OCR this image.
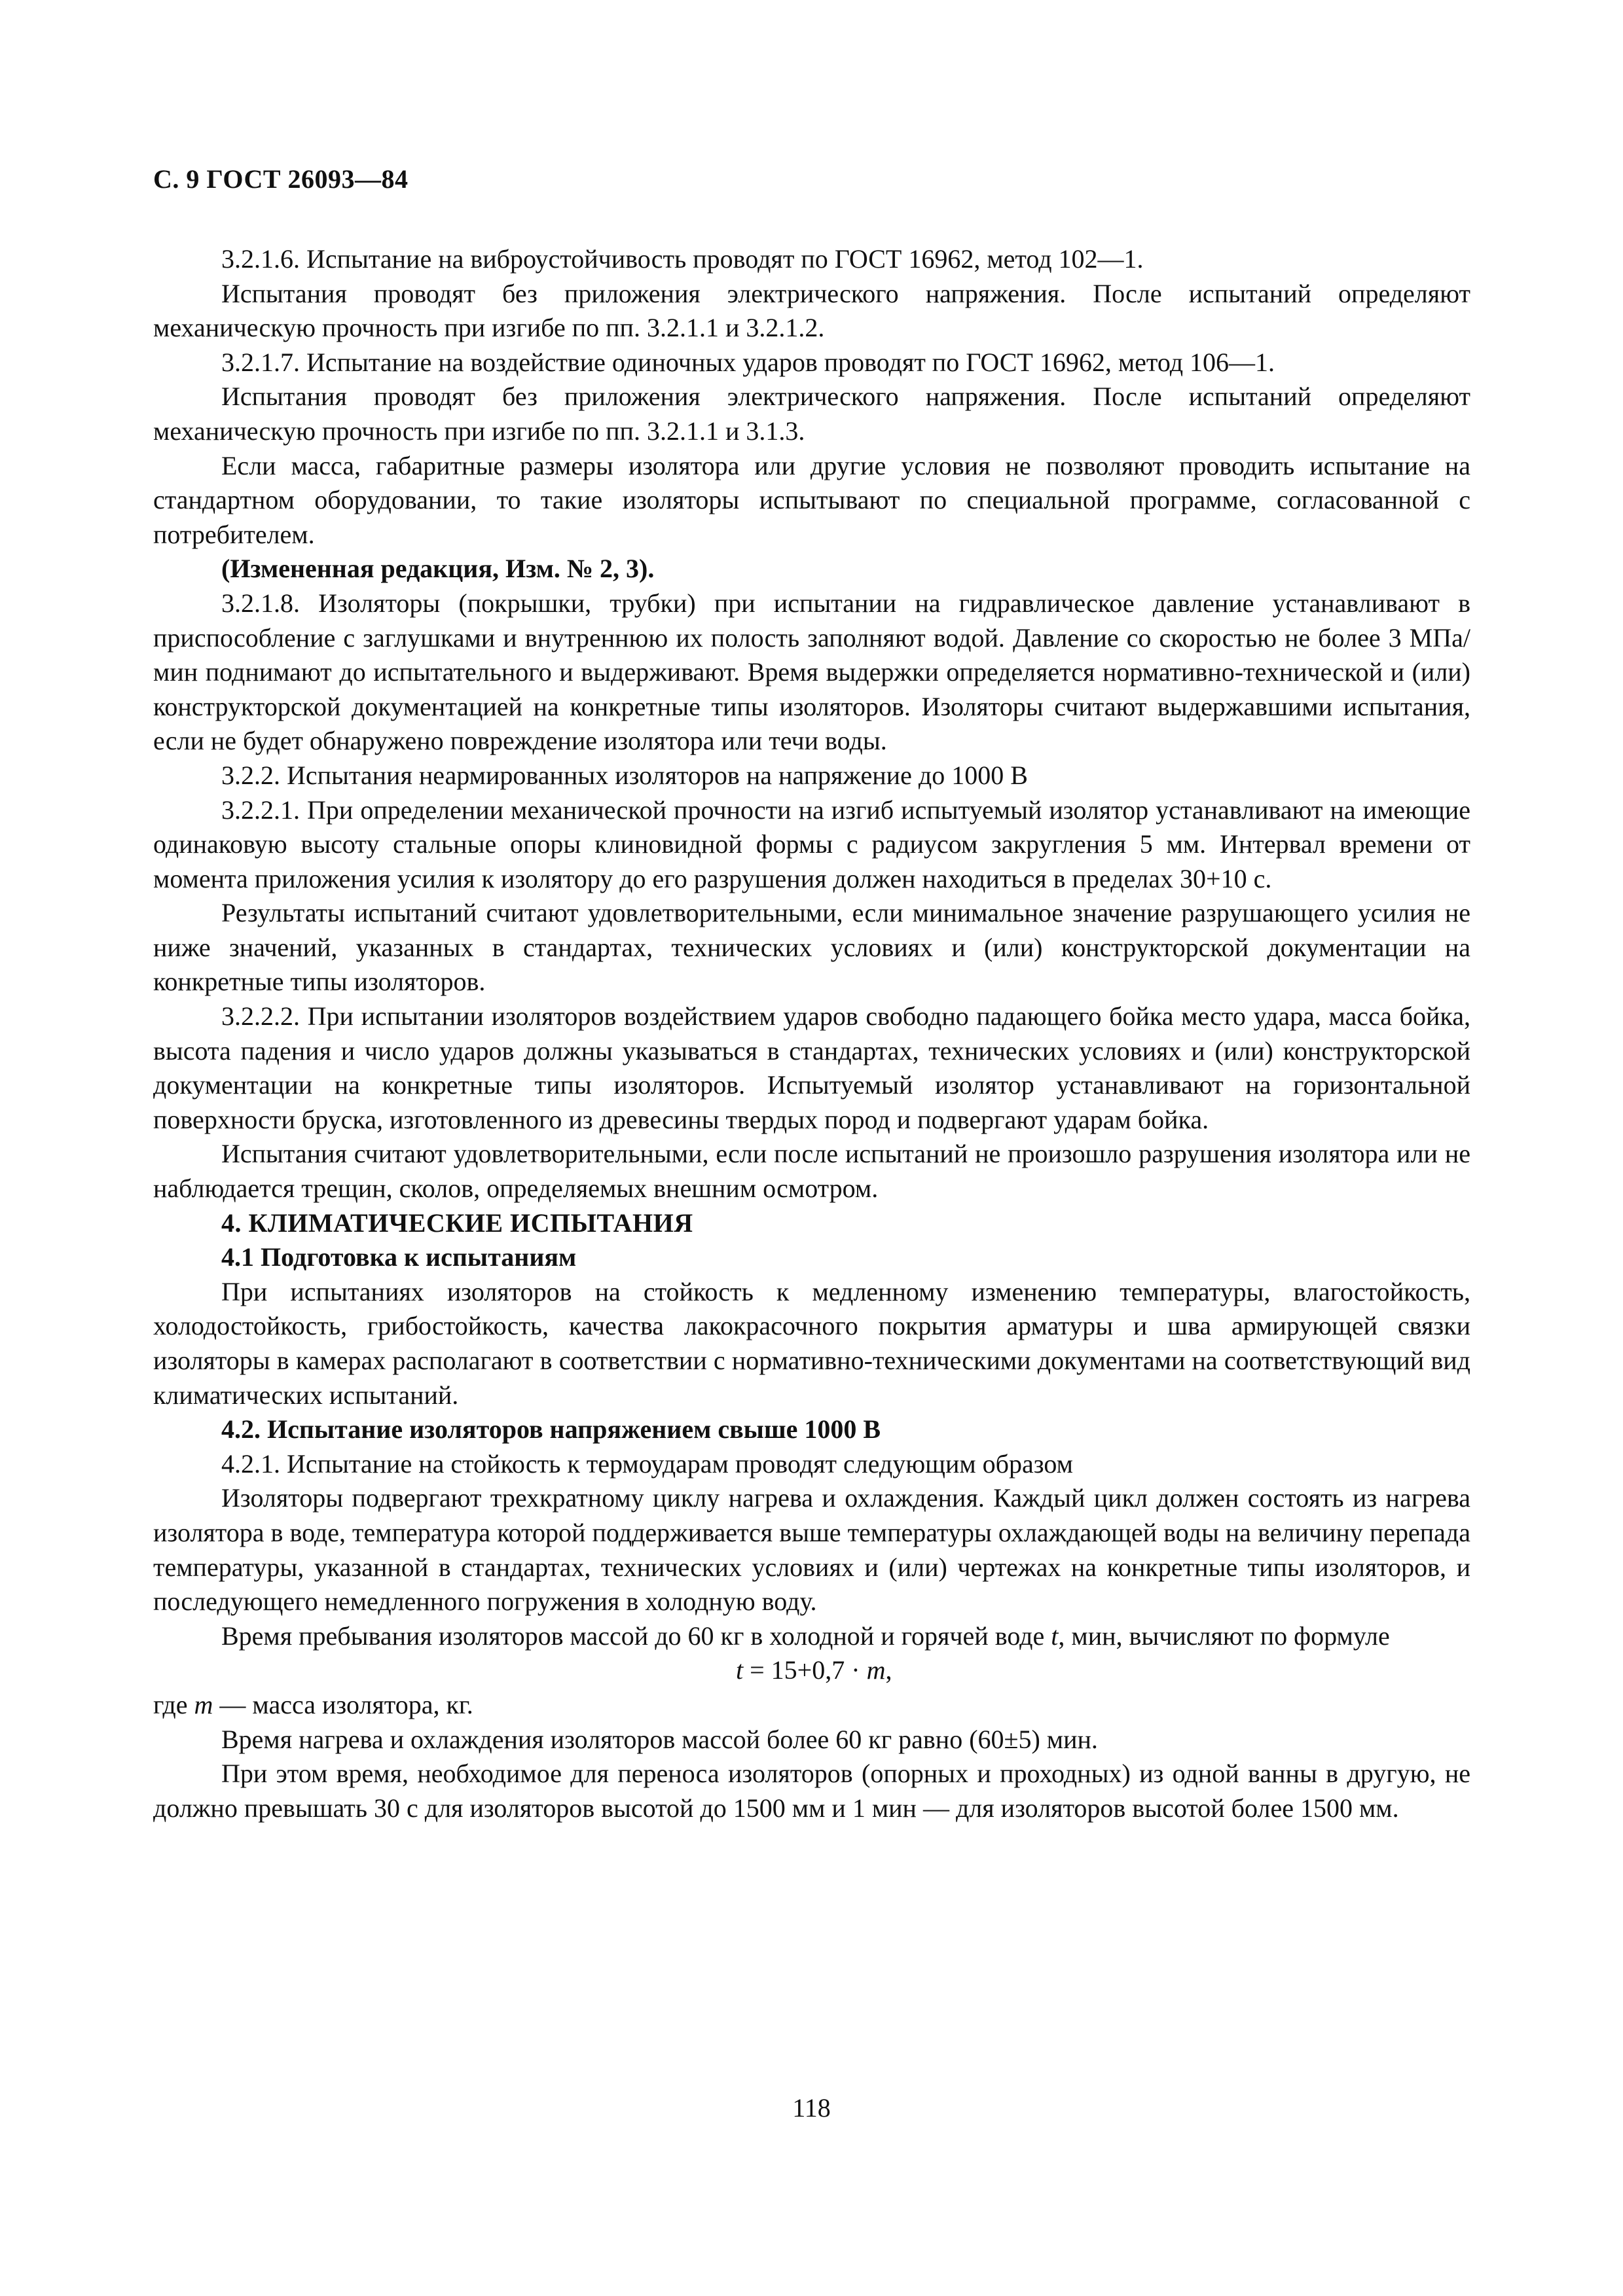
С. 9 ГОСТ 26093—84

3.2.1.6. Испытание на виброустойчивость проводят по ГОСТ 16962, метод 102—1.

Испытания проводят без приложения электрического напряжения. После испытаний определяют механическую прочность при изгибе по пп. 3.2.1.1 и 3.2.1.2.

3.2.1.7. Испытание на воздействие одиночных ударов проводят по ГОСТ 16962, метод 106—1.

Испытания проводят без приложения электрического напряжения. После испытаний определяют механическую прочность при изгибе по пп. 3.2.1.1 и 3.1.3.

Если масса, габаритные размеры изолятора или другие условия не позволяют проводить испытание на стандартном оборудовании, то такие изоляторы испытывают по специальной программе, согласованной с потребителем.

(Измененная редакция, Изм. № 2, 3).

3.2.1.8. Изоляторы (покрышки, трубки) при испытании на гидравлическое давление устанавливают в приспособление с заглушками и внутреннюю их полость заполняют водой. Давление со скоростью не более 3 МПа/мин поднимают до испытательного и выдерживают. Время выдержки определяется нормативно-технической и (или) конструкторской документацией на конкретные типы изоляторов. Изоляторы считают выдержавшими испытания, если не будет обнаружено повреждение изолятора или течи воды.

3.2.2. Испытания неармированных изоляторов на напряжение до 1000 В

3.2.2.1. При определении механической прочности на изгиб испытуемый изолятор устанавливают на имеющие одинаковую высоту стальные опоры клиновидной формы с радиусом закругления 5 мм. Интервал времени от момента приложения усилия к изолятору до его разрушения должен находиться в пределах 30+10 с.

Результаты испытаний считают удовлетворительными, если минимальное значение разрушающего усилия не ниже значений, указанных в стандартах, технических условиях и (или) конструкторской документации на конкретные типы изоляторов.

3.2.2.2. При испытании изоляторов воздействием ударов свободно падающего бойка место удара, масса бойка, высота падения и число ударов должны указываться в стандартах, технических условиях и (или) конструкторской документации на конкретные типы изоляторов. Испытуемый изолятор устанавливают на горизонтальной поверхности бруска, изготовленного из древесины твердых пород и подвергают ударам бойка.

Испытания считают удовлетворительными, если после испытаний не произошло разрушения изолятора или не наблюдается трещин, сколов, определяемых внешним осмотром.

4. КЛИМАТИЧЕСКИЕ ИСПЫТАНИЯ

4.1 Подготовка к испытаниям

При испытаниях изоляторов на стойкость к медленному изменению температуры, влагостойкость, холодостойкость, грибостойкость, качества лакокрасочного покрытия арматуры и шва армирующей связки изоляторы в камерах располагают в соответствии с нормативно-техническими документами на соответствующий вид климатических испытаний.

4.2. Испытание изоляторов напряжением свыше 1000 В

4.2.1. Испытание на стойкость к термоударам проводят следующим образом

Изоляторы подвергают трехкратному циклу нагрева и охлаждения. Каждый цикл должен состоять из нагрева изолятора в воде, температура которой поддерживается выше температуры охлаждающей воды на величину перепада температуры, указанной в стандартах, технических условиях и (или) чертежах на конкретные типы изоляторов, и последующего немедленного погружения в холодную воду.

Время пребывания изоляторов массой до 60 кг в холодной и горячей воде t, мин, вычисляют по формуле

t = 15+0,7 · m,

где m — масса изолятора, кг.

Время нагрева и охлаждения изоляторов массой более 60 кг равно (60±5) мин.

При этом время, необходимое для переноса изоляторов (опорных и проходных) из одной ванны в другую, не должно превышать 30 с для изоляторов высотой до 1500 мм и 1 мин — для изоляторов высотой более 1500 мм.

118
